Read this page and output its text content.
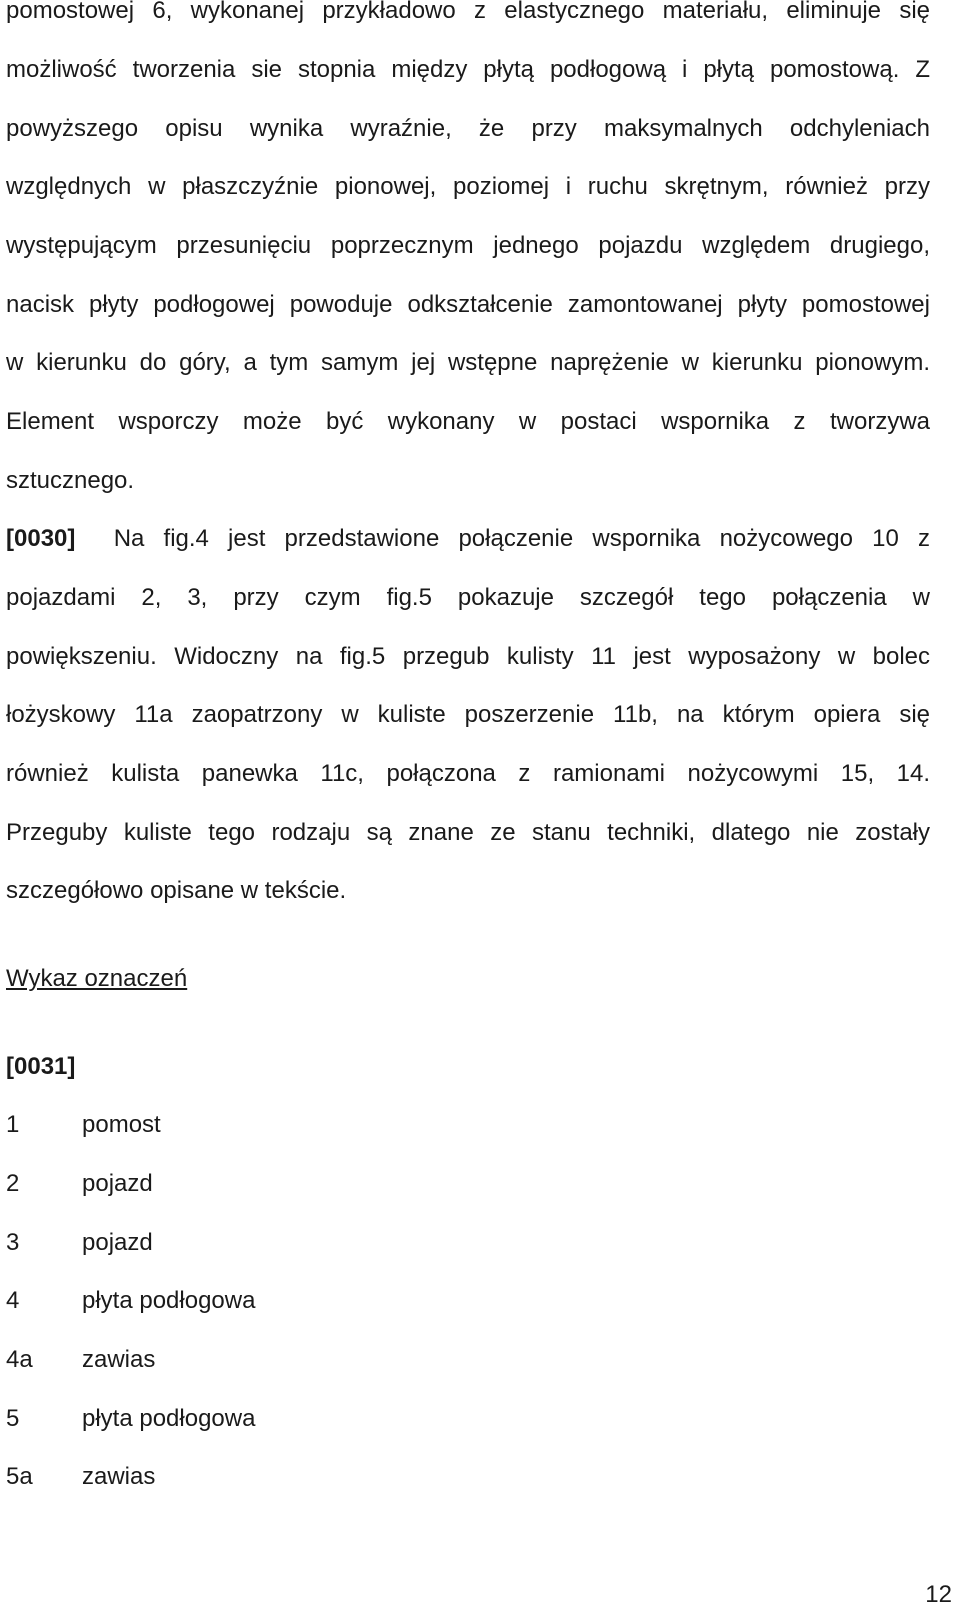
pomostowej 6, wykonanej przykładowo z elastycznego materiału, eliminuje się
możliwość tworzenia sie stopnia między płytą podłogową i płytą pomostową. Z
powyższego opisu wynika wyraźnie, że przy maksymalnych odchyleniach
względnych w płaszczyźnie pionowej, poziomej i ruchu skrętnym, również przy
występującym przesunięciu poprzecznym jednego pojazdu względem drugiego,
nacisk płyty podłogowej powoduje odkształcenie zamontowanej płyty pomostowej
w kierunku do góry, a tym samym jej wstępne naprężenie w kierunku pionowym.
Element wsporczy może być wykonany w postaci wspornika z tworzywa
sztucznego.
[0030] Na fig.4 jest przedstawione połączenie wspornika nożycowego 10 z
pojazdami 2, 3, przy czym fig.5 pokazuje szczegół tego połączenia w
powiększeniu. Widoczny na fig.5 przegub kulisty 11 jest wyposażony w bolec
łożyskowy 11a zaopatrzony w kuliste poszerzenie 11b, na którym opiera się
również kulista panewka 11c, połączona z ramionami nożycowymi 15, 14.
Przeguby kuliste tego rodzaju są znane ze stanu techniki, dlatego nie zostały
szczegółowo opisane w tekście.
Wykaz oznaczeń
[0031]
1	pomost
2	pojazd
3	pojazd
4	płyta podłogowa
4a zawias
5	płyta podłogowa
5a zawias
12
